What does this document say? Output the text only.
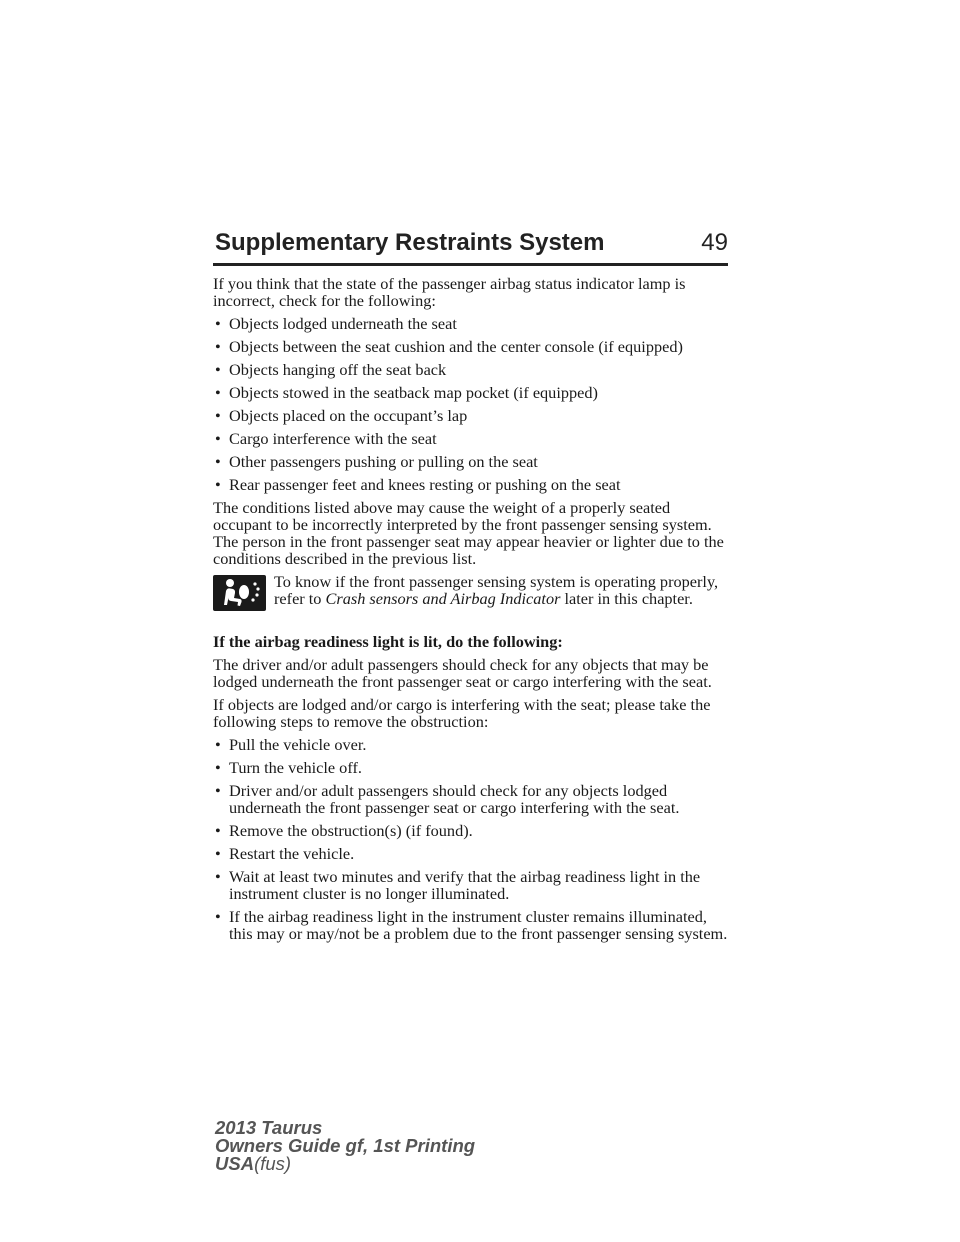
Supplementary Restraints System	49

If you think that the state of the passenger airbag status indicator lamp is incorrect, check for the following:

• Objects lodged underneath the seat
• Objects between the seat cushion and the center console (if equipped)
• Objects hanging off the seat back
• Objects stowed in the seatback map pocket (if equipped)
• Objects placed on the occupant’s lap
• Cargo interference with the seat
• Other passengers pushing or pulling on the seat
• Rear passenger feet and knees resting or pushing on the seat

The conditions listed above may cause the weight of a properly seated occupant to be incorrectly interpreted by the front passenger sensing system. The person in the front passenger seat may appear heavier or lighter due to the conditions described in the previous list.

To know if the front passenger sensing system is operating properly, refer to Crash sensors and Airbag Indicator later in this chapter.

If the airbag readiness light is lit, do the following:

The driver and/or adult passengers should check for any objects that may be lodged underneath the front passenger seat or cargo interfering with the seat.

If objects are lodged and/or cargo is interfering with the seat; please take the following steps to remove the obstruction:

• Pull the vehicle over.
• Turn the vehicle off.
• Driver and/or adult passengers should check for any objects lodged underneath the front passenger seat or cargo interfering with the seat.
• Remove the obstruction(s) (if found).
• Restart the vehicle.
• Wait at least two minutes and verify that the airbag readiness light in the instrument cluster is no longer illuminated.
• If the airbag readiness light in the instrument cluster remains illuminated, this may or may/not be a problem due to the front passenger sensing system.
2013 Taurus
Owners Guide gf, 1st Printing
USA(fus)
